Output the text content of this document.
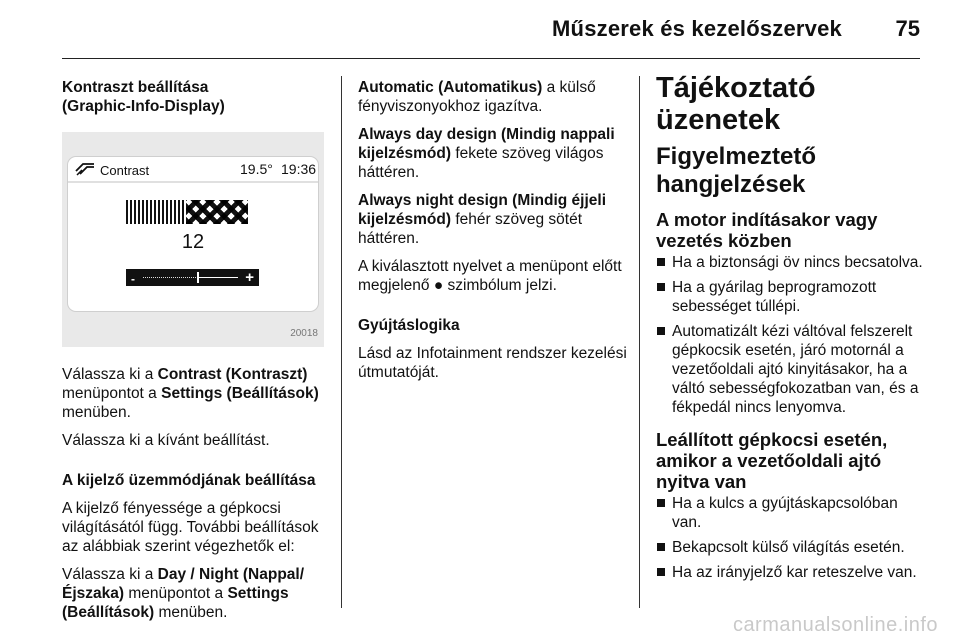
Műszerek és kezelőszervek 75

Kontraszt beállítása
(Graphic-Info-Display)

Contrast	19.5° 19:36
12
-	+
20018

Válassza ki a Contrast (Kontraszt) menüpontot a Settings (Beállítások) menüben.

Válassza ki a kívánt beállítást.

A kijelző üzemmódjának beállítása

A kijelző fényessége a gépkocsi világításától függ. További beállítások az alábbiak szerint végezhetők el:

Válassza ki a Day / Night (Nappal/ Éjszaka) menüpontot a Settings (Beállítások) menüben.

Automatic (Automatikus) a külső fényviszonyokhoz igazítva.

Always day design (Mindig nappali kijelzésmód) fekete szöveg világos háttéren.

Always night design (Mindig éjjeli kijelzésmód) fehér szöveg sötét háttéren.

A kiválasztott nyelvet a menüpont előtt megjelenő ● szimbólum jelzi.

Gyújtáslogika

Lásd az Infotainment rendszer kezelési útmutatóját.

Tájékoztató üzenetek
Figyelmeztető hangjelzések
A motor indításakor vagy vezetés közben
Ha a biztonsági öv nincs becsatolva.
Ha a gyárilag beprogramozott sebességet túllépi.
Automatizált kézi váltóval felszerelt gépkocsik esetén, járó motornál a vezetőoldali ajtó kinyitásakor, ha a váltó sebességfokozatban van, és a fékpedál nincs lenyomva.
Leállított gépkocsi esetén, amikor a vezetőoldali ajtó nyitva van
Ha a kulcs a gyújtáskapcsolóban van.
Bekapcsolt külső világítás esetén.
Ha az irányjelző kar reteszelve van.
carmanualsonline.info
